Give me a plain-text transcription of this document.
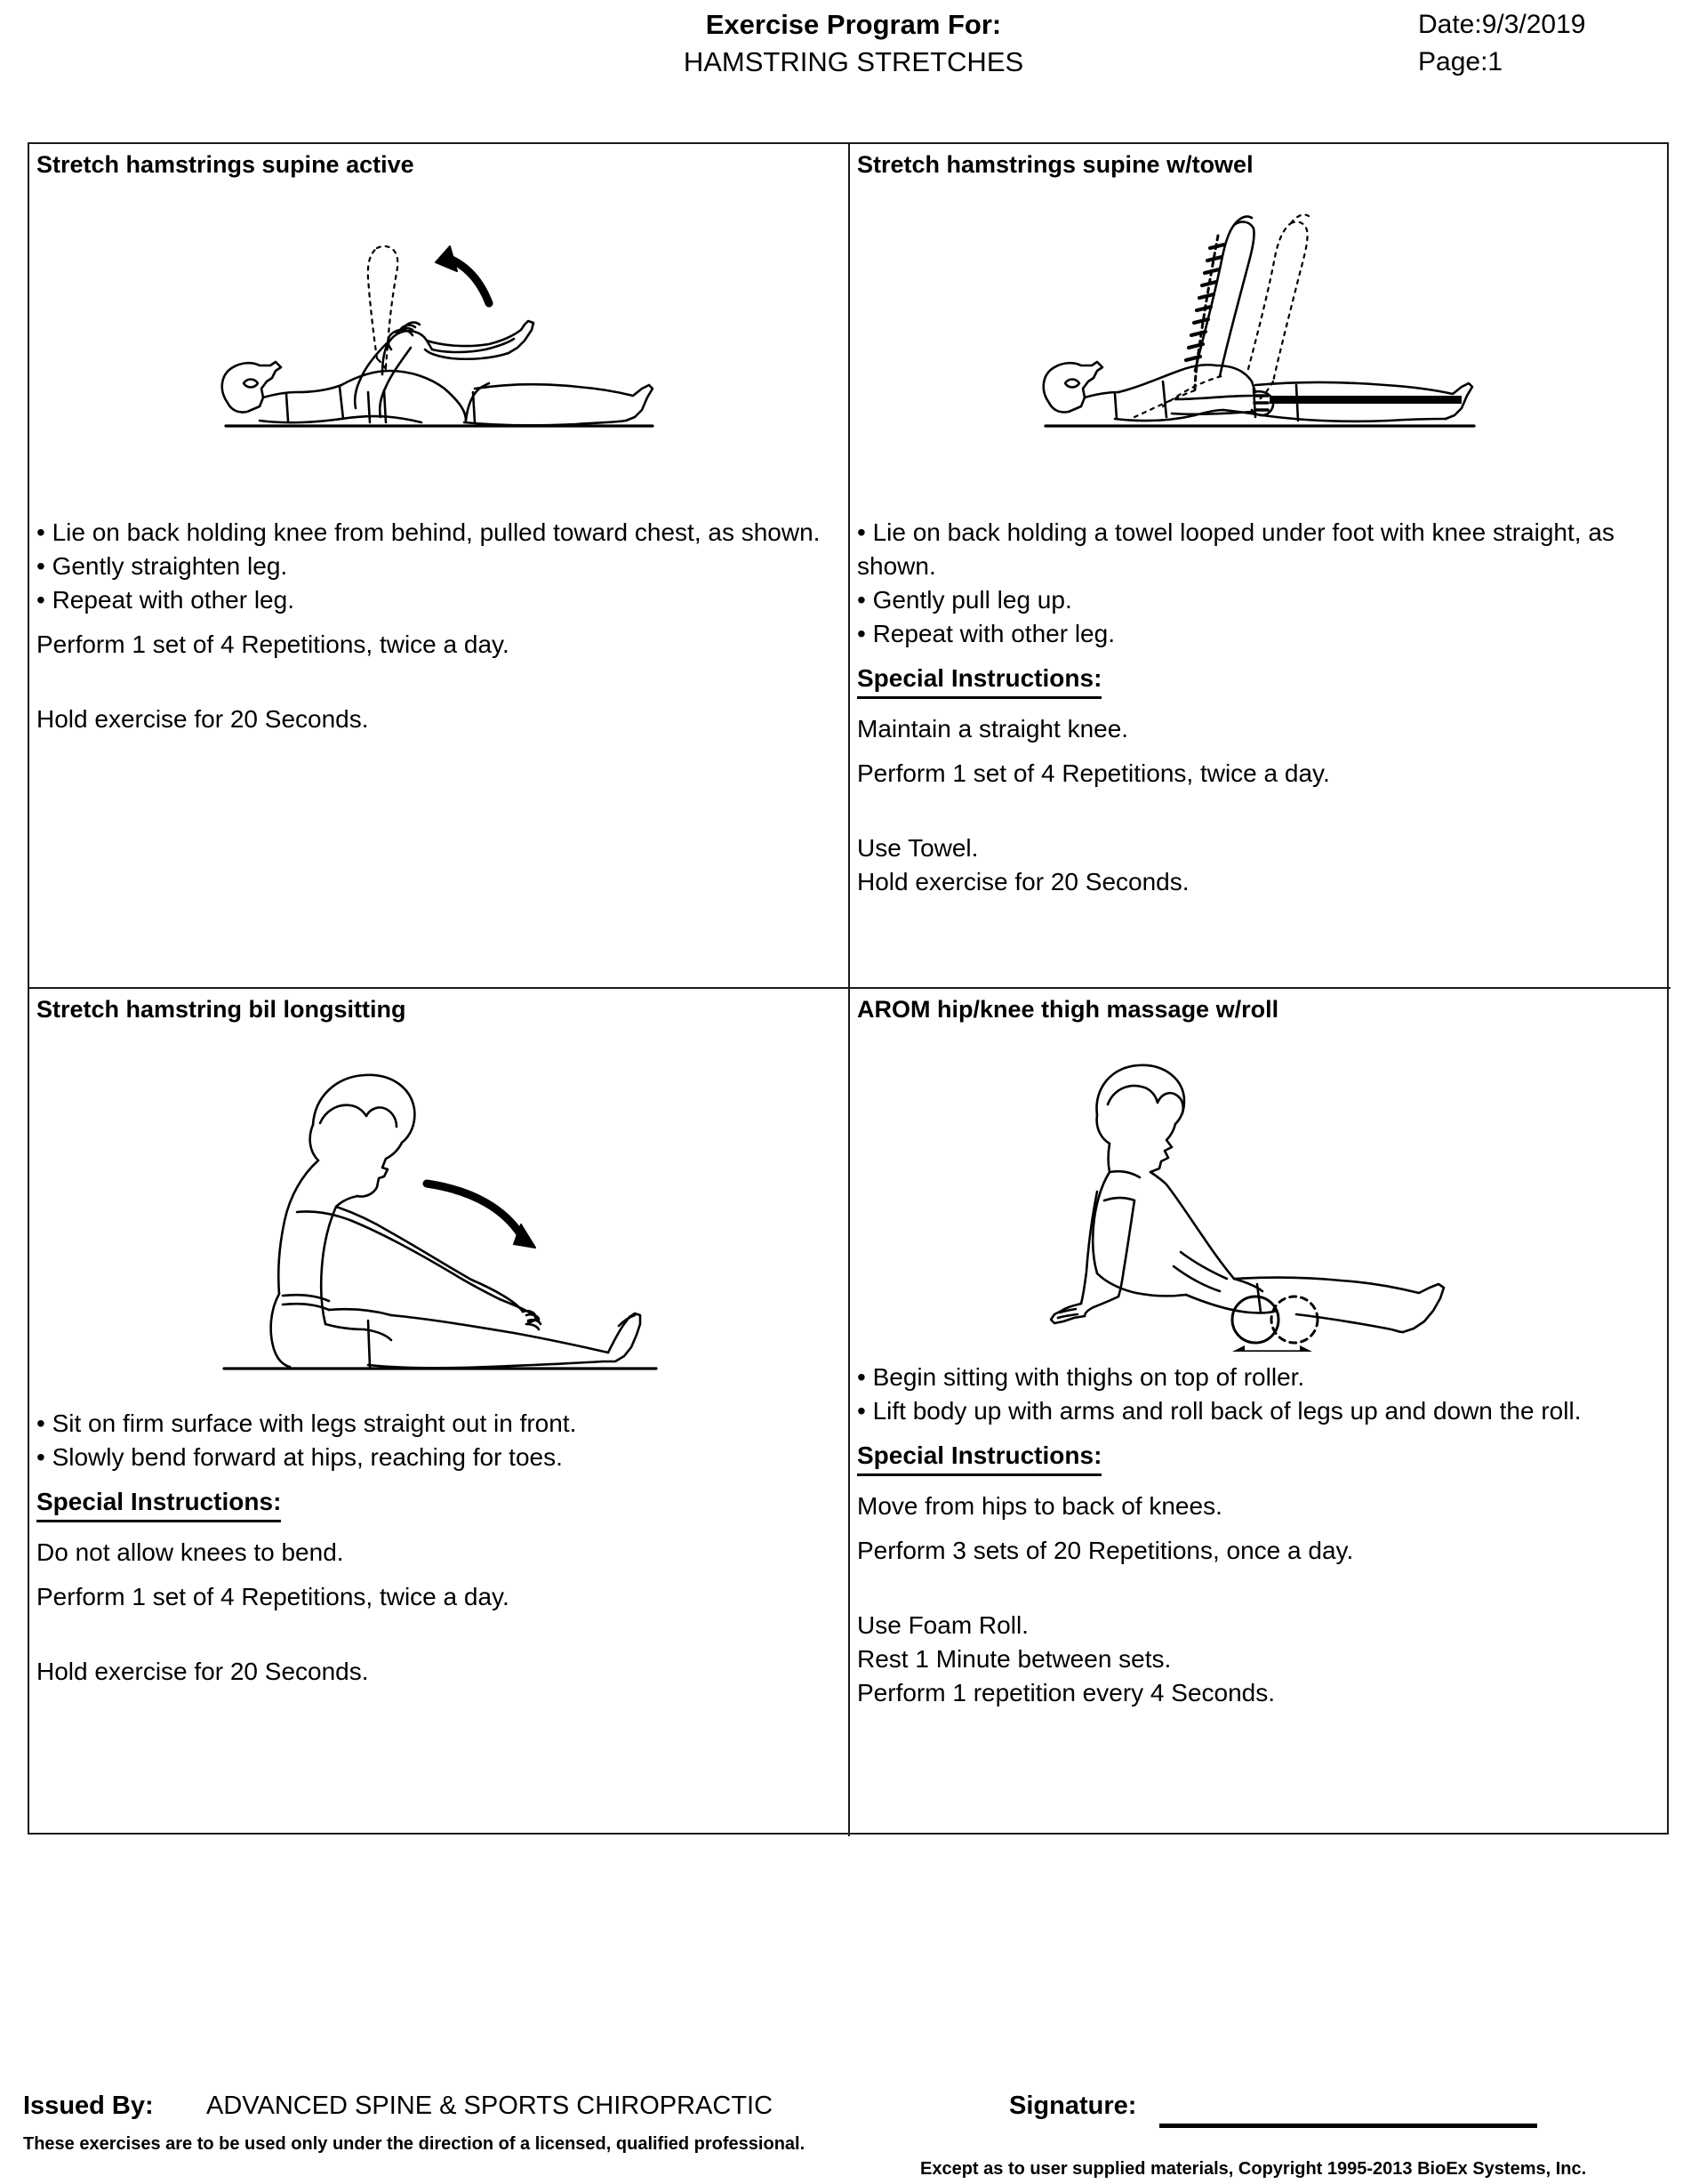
Exercise Program For:
HAMSTRING STRETCHES
Date:9/3/2019
Page:1
Stretch hamstrings supine active
• Lie on back holding knee from behind, pulled toward chest, as shown.
• Gently straighten leg.
• Repeat with other leg.
Perform 1 set of 4 Repetitions, twice a day.
Hold exercise for 20 Seconds.
Stretch hamstrings supine w/towel
• Lie on back holding a towel looped under foot with knee straight, as shown.
• Gently pull leg up.
• Repeat with other leg.
Special Instructions:
Maintain a straight knee.
Perform 1 set of 4 Repetitions, twice a day.
Use Towel.
Hold exercise for 20 Seconds.
Stretch hamstring bil longsitting
• Sit on firm surface with legs straight out in front.
• Slowly bend forward at hips, reaching for toes.
Special Instructions:
Do not allow knees to bend.
Perform 1 set of 4 Repetitions, twice a day.
Hold exercise for 20 Seconds.
AROM hip/knee thigh massage w/roll
• Begin sitting with thighs on top of roller.
• Lift body up with arms and roll back of legs up and down the roll.
Special Instructions:
Move from hips to back of knees.
Perform 3 sets of 20 Repetitions, once a day.
Use Foam Roll.
Rest 1 Minute between sets.
Perform 1 repetition every 4 Seconds.
Issued By: ADVANCED SPINE & SPORTS CHIROPRACTIC
These exercises are to be used only under the direction of a licensed, qualified professional.
Signature:
Except as to user supplied materials, Copyright 1995-2013 BioEx Systems, Inc.
